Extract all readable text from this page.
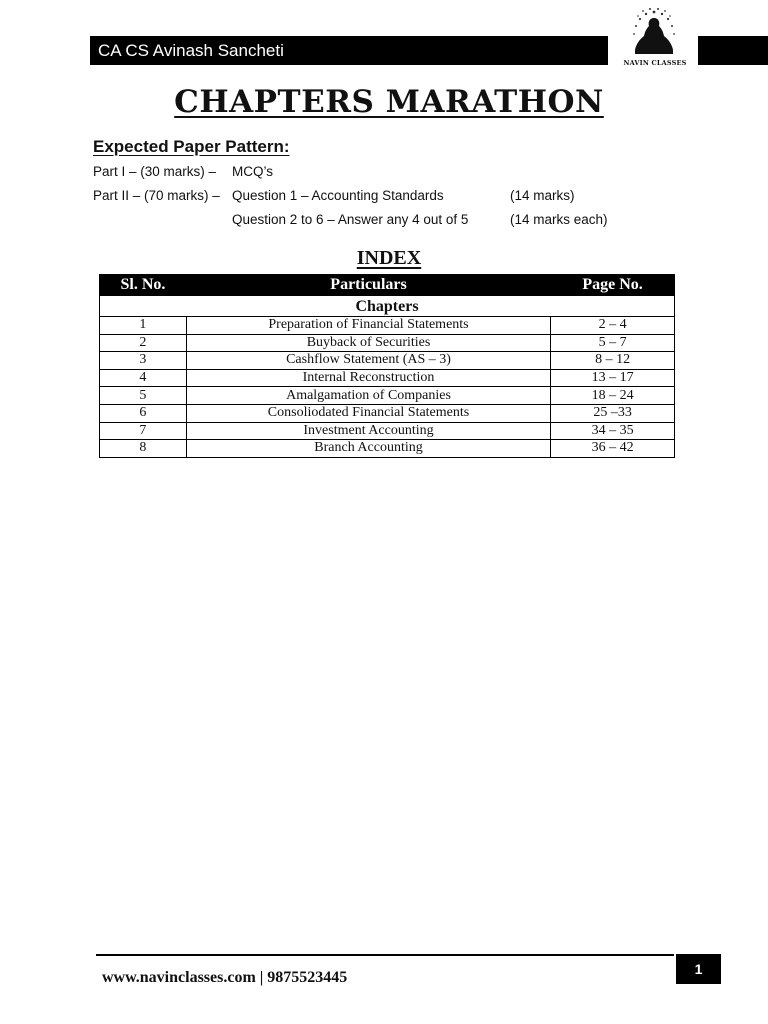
CA CS Avinash Sancheti
NAVIN CLASSES
CHAPTERS MARATHON
Expected Paper Pattern:
Part I – (30 marks) – MCQ’s
Part II – (70 marks) – Question 1 – Accounting Standards	(14 marks)
Question 2 to 6 – Answer any 4 out of 5	(14 marks each)
INDEX
Sl. No.	Particulars	Page No.
Chapters		
1	Preparation of Financial Statements	2 – 4
2	Buyback of Securities	5 – 7
3	Cashflow Statement (AS – 3)	8 – 12
4	Internal Reconstruction	13 – 17
5	Amalgamation of Companies	18 – 24
6	Consoliodated Financial Statements	25 –33
7	Investment Accounting	34 – 35
8	Branch Accounting	36 – 42
www.navinclasses.com | 9875523445	1
